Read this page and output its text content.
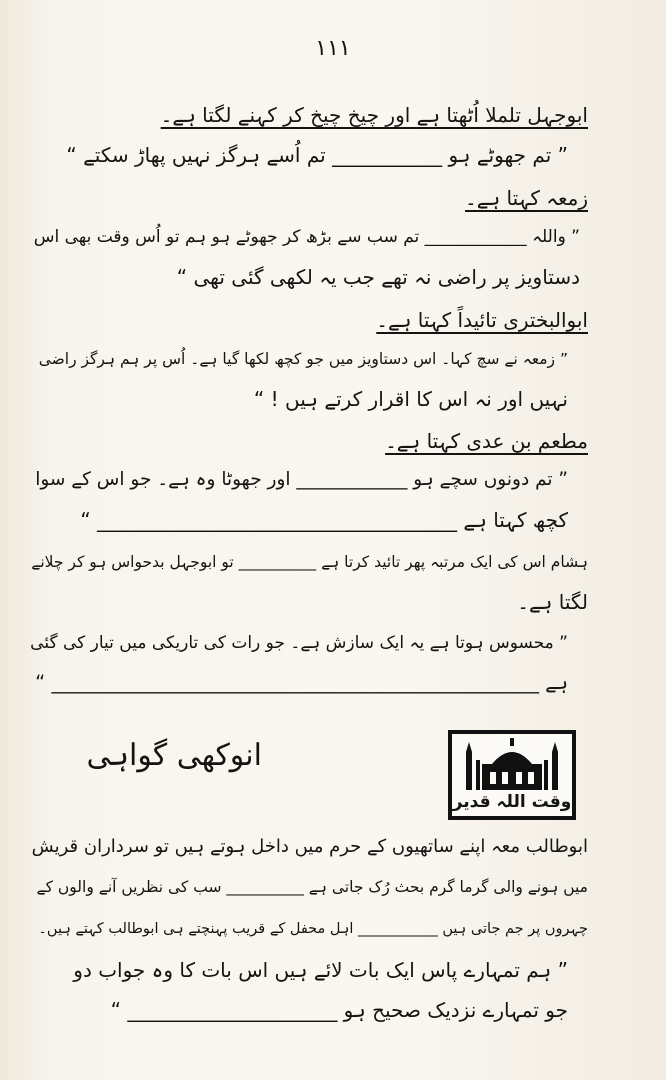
۱۱۱
ابوجہل تلملا اُٹھتا ہے اور چیخ چیخ کر کہنے لگتا ہے۔
” تم جھوٹے ہو ___________ تم اُسے ہرگز نہیں پھاڑ سکتے “
زمعہ کہتا ہے۔
” واللہ ____________ تم سب سے بڑھ کر جھوٹے ہو ہم تو اُس وقت بھی اس
دستاویز پر راضی نہ تھے جب یہ لکھی گئی تھی “
ابوالبختری تائیداً کہتا ہے۔
” زمعہ نے سچ کہا۔ اس دستاویز میں جو کچھ لکھا گیا ہے۔ اُس پر ہم ہرگز راضی
نہیں اور نہ اس کا اقرار کرتے ہیں ! “
مطعم بن عدی کہتا ہے۔
” تم دونوں سچے ہو ____________ اور جھوٹا وہ ہے۔ جو اس کے سوا
کچھ کہتا ہے ____________________________________ “
ہشام اس کی ایک مرتبہ پھر تائید کرتا ہے __________ تو ابوجہل بدحواس ہو کر چلانے
لگتا ہے۔
” محسوس ہوتا ہے یہ ایک سازش ہے۔ جو رات کی تاریکی میں تیار کی گئی
ہے __________________________________________________ “
انوکھی گواہی
وقت اللہ قدیر
ابوطالب معہ اپنے ساتھیوں کے حرم میں داخل ہوتے ہیں تو سرداران قریش
میں ہونے والی گرما گرم بحث رُک جاتی ہے __________ سب کی نظریں آنے والوں کے
چہروں پر جم جاتی ہیں ___________ اہل محفل کے قریب پہنچتے ہی ابوطالب کہتے ہیں۔
” ہم تمہارے پاس ایک بات لائے ہیں اس بات کا وہ جواب دو
جو تمہارے نزدیک صحیح ہو _____________________ “
